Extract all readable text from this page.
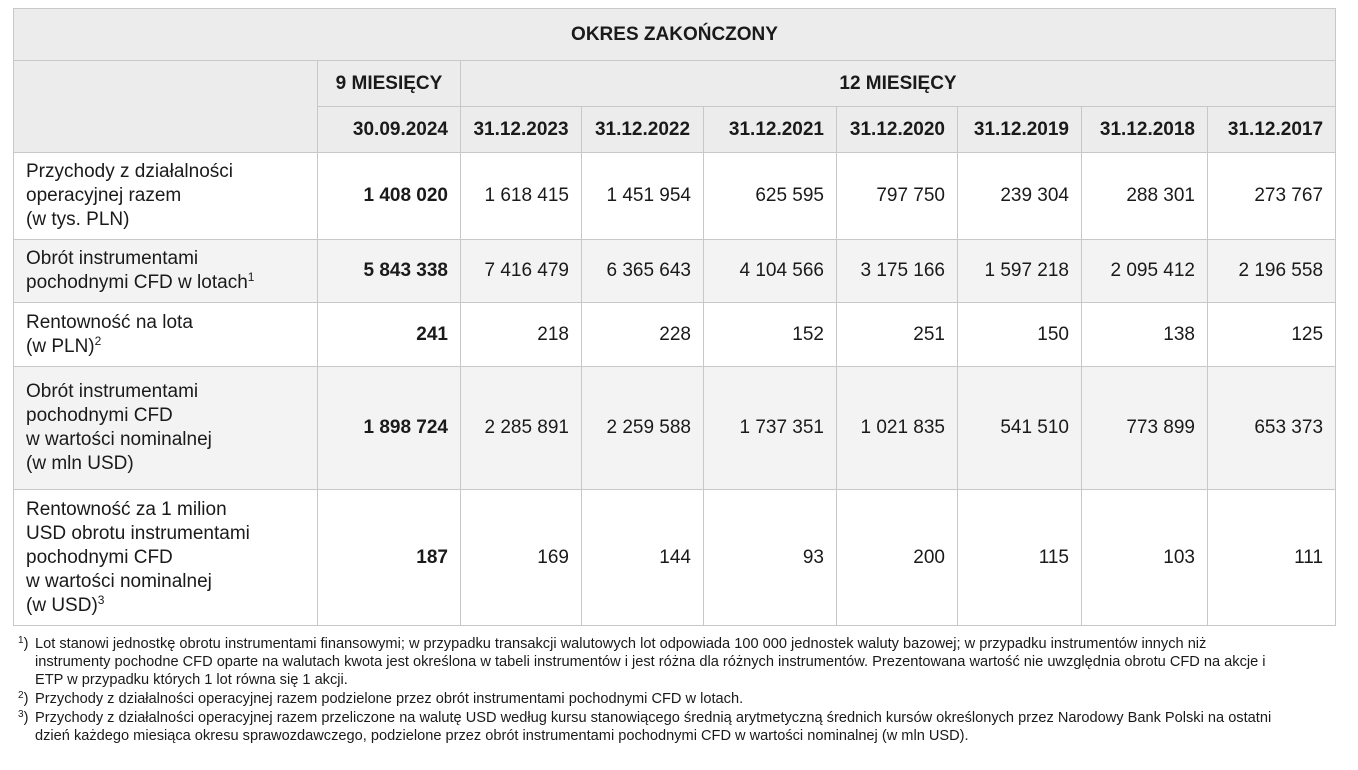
OKRES ZAKOŃCZONY								
	9 MIESIĘCY	12 MIESIĘCY						
	30.09.2024	31.12.2023	31.12.2022	31.12.2021	31.12.2020	31.12.2019	31.12.2018	31.12.2017
Przychody z działalności
operacyjnej razem
(w tys. PLN)	1 408 020	1 618 415	1 451 954	625 595	797 750	239 304	288 301	273 767
Obrót instrumentami
pochodnymi CFD w lotach$^1$	5 843 338	7 416 479	6 365 643	4 104 566	3 175 166	1 597 218	2 095 412	2 196 558
Rentowność na lota
(w PLN)$^2$	241	218	228	152	251	150	138	125
Obrót instrumentami
pochodnymi CFD
w wartości nominalnej
(w mln USD)	1 898 724	2 285 891	2 259 588	1 737 351	1 021 835	541 510	773 899	653 373
Rentowność za 1 milion
USD obrotu instrumentami
pochodnymi CFD
w wartości nominalnej
(w USD)$^3$	187	169	144	93	200	115	103	111
$^1$) Lot stanowi jednostkę obrotu instrumentami finansowymi; w przypadku transakcji walutowych lot odpowiada 100 000 jednostek waluty bazowej; w przypadku instrumentów innych niż instrumenty pochodne CFD oparte na walutach kwota jest określona w tabeli instrumentów i jest różna dla różnych instrumentów. Prezentowana wartość nie uwzględnia obrotu CFD na akcje i ETP w przypadku których 1 lot równa się 1 akcji.
$^2$) Przychody z działalności operacyjnej razem podzielone przez obrót instrumentami pochodnymi CFD w lotach.
$^3$) Przychody z działalności operacyjnej razem przeliczone na walutę USD według kursu stanowiącego średnią arytmetyczną średnich kursów określonych przez Narodowy Bank Polski na ostatni dzień każdego miesiąca okresu sprawozdawczego, podzielone przez obrót instrumentami pochodnymi CFD w wartości nominalnej (w mln USD).
